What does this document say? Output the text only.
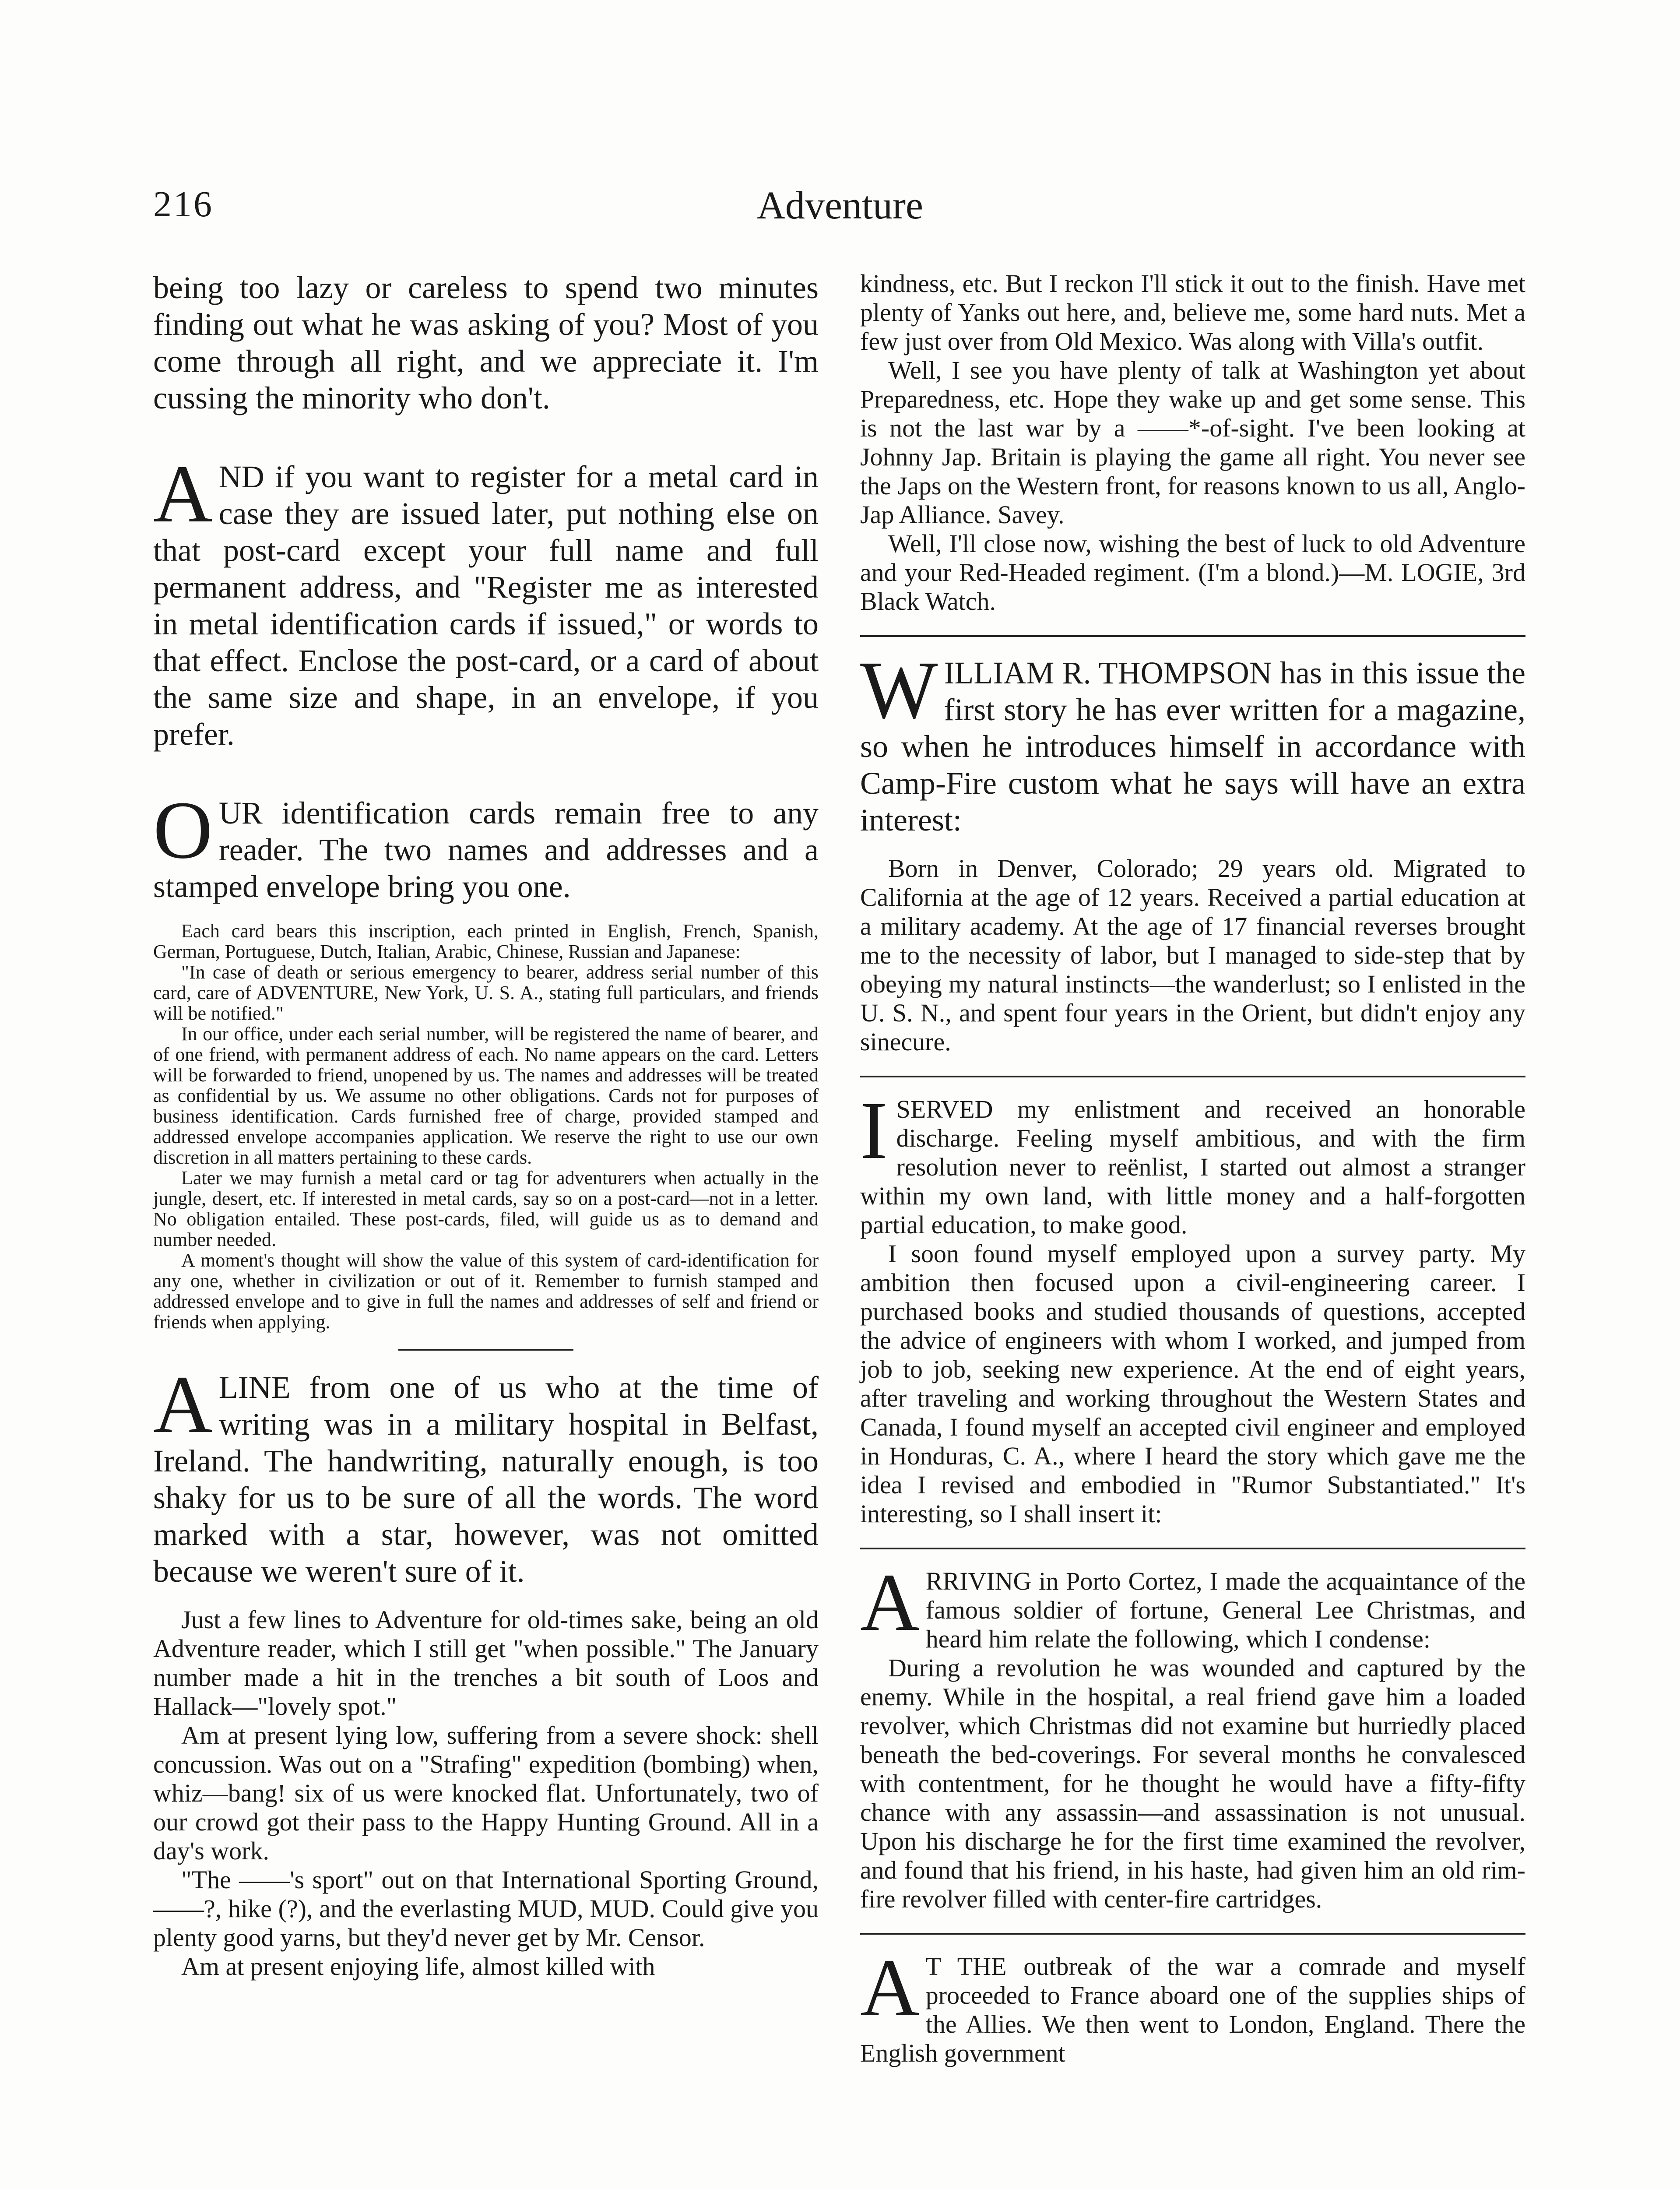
216	Adventure

being too lazy or careless to spend two minutes finding out what he was asking of you? Most of you come through all right, and we appreciate it. I'm cussing the minority who don't.

AND if you want to register for a metal card in case they are issued later, put nothing else on that post-card except your full name and full permanent address, and "Register me as interested in metal identification cards if issued," or words to that effect. Enclose the post-card, or a card of about the same size and shape, in an envelope, if you prefer.

OUR identification cards remain free to any reader. The two names and addresses and a stamped envelope bring you one.

Each card bears this inscription, each printed in English, French, Spanish, German, Portuguese, Dutch, Italian, Arabic, Chinese, Russian and Japanese:

"In case of death or serious emergency to bearer, address serial number of this card, care of ADVENTURE, New York, U. S. A., stating full particulars, and friends will be notified."

In our office, under each serial number, will be registered the name of bearer, and of one friend, with permanent address of each. No name appears on the card. Letters will be forwarded to friend, unopened by us. The names and addresses will be treated as confidential by us. We assume no other obligations. Cards not for purposes of business identification. Cards furnished free of charge, provided stamped and addressed envelope accompanies application. We reserve the right to use our own discretion in all matters pertaining to these cards.

Later we may furnish a metal card or tag for adventurers when actually in the jungle, desert, etc. If interested in metal cards, say so on a post-card—not in a letter. No obligation entailed. These post-cards, filed, will guide us as to demand and number needed.

A moment's thought will show the value of this system of card-identification for any one, whether in civilization or out of it. Remember to furnish stamped and addressed envelope and to give in full the names and addresses of self and friend or friends when applying.

ALINE from one of us who at the time of writing was in a military hospital in Belfast, Ireland. The handwriting, naturally enough, is too shaky for us to be sure of all the words. The word marked with a star, however, was not omitted because we weren't sure of it.

Just a few lines to Adventure for old-times sake, being an old Adventure reader, which I still get "when possible." The January number made a hit in the trenches a bit south of Loos and Hallack—"lovely spot."

Am at present lying low, suffering from a severe shock: shell concussion. Was out on a "Strafing" expedition (bombing) when, whiz—bang! six of us were knocked flat. Unfortunately, two of our crowd got their pass to the Happy Hunting Ground. All in a day's work.

"The ——'s sport" out on that International Sporting Ground, ——?, hike (?), and the everlasting MUD, MUD. Could give you plenty good yarns, but they'd never get by Mr. Censor.

Am at present enjoying life, almost killed with

kindness, etc. But I reckon I'll stick it out to the finish. Have met plenty of Yanks out here, and, believe me, some hard nuts. Met a few just over from Old Mexico. Was along with Villa's outfit.

Well, I see you have plenty of talk at Washington yet about Preparedness, etc. Hope they wake up and get some sense. This is not the last war by a ——*-of-sight. I've been looking at Johnny Jap. Britain is playing the game all right. You never see the Japs on the Western front, for reasons known to us all, Anglo-Jap Alliance. Savey.

Well, I'll close now, wishing the best of luck to old Adventure and your Red-Headed regiment. (I'm a blond.)—M. LOGIE, 3rd Black Watch.

WILLIAM R. THOMPSON has in this issue the first story he has ever written for a magazine, so when he introduces himself in accordance with Camp-Fire custom what he says will have an extra interest:

Born in Denver, Colorado; 29 years old. Migrated to California at the age of 12 years. Received a partial education at a military academy. At the age of 17 financial reverses brought me to the necessity of labor, but I managed to side-step that by obeying my natural instincts—the wanderlust; so I enlisted in the U. S. N., and spent four years in the Orient, but didn't enjoy any sinecure.

ISERVED my enlistment and received an honorable discharge. Feeling myself ambitious, and with the firm resolution never to reënlist, I started out almost a stranger within my own land, with little money and a half-forgotten partial education, to make good.

I soon found myself employed upon a survey party. My ambition then focused upon a civil-engineering career. I purchased books and studied thousands of questions, accepted the advice of engineers with whom I worked, and jumped from job to job, seeking new experience. At the end of eight years, after traveling and working throughout the Western States and Canada, I found myself an accepted civil engineer and employed in Honduras, C. A., where I heard the story which gave me the idea I revised and embodied in "Rumor Substantiated." It's interesting, so I shall insert it:

ARRIVING in Porto Cortez, I made the acquaintance of the famous soldier of fortune, General Lee Christmas, and heard him relate the following, which I condense:

During a revolution he was wounded and captured by the enemy. While in the hospital, a real friend gave him a loaded revolver, which Christmas did not examine but hurriedly placed beneath the bed-coverings. For several months he convalesced with contentment, for he thought he would have a fifty-fifty chance with any assassin—and assassination is not unusual. Upon his discharge he for the first time examined the revolver, and found that his friend, in his haste, had given him an old rim-fire revolver filled with center-fire cartridges.

A T THE outbreak of the war a comrade and myself proceeded to France aboard one of the supplies ships of the Allies. We then went to London, England. There the English government
